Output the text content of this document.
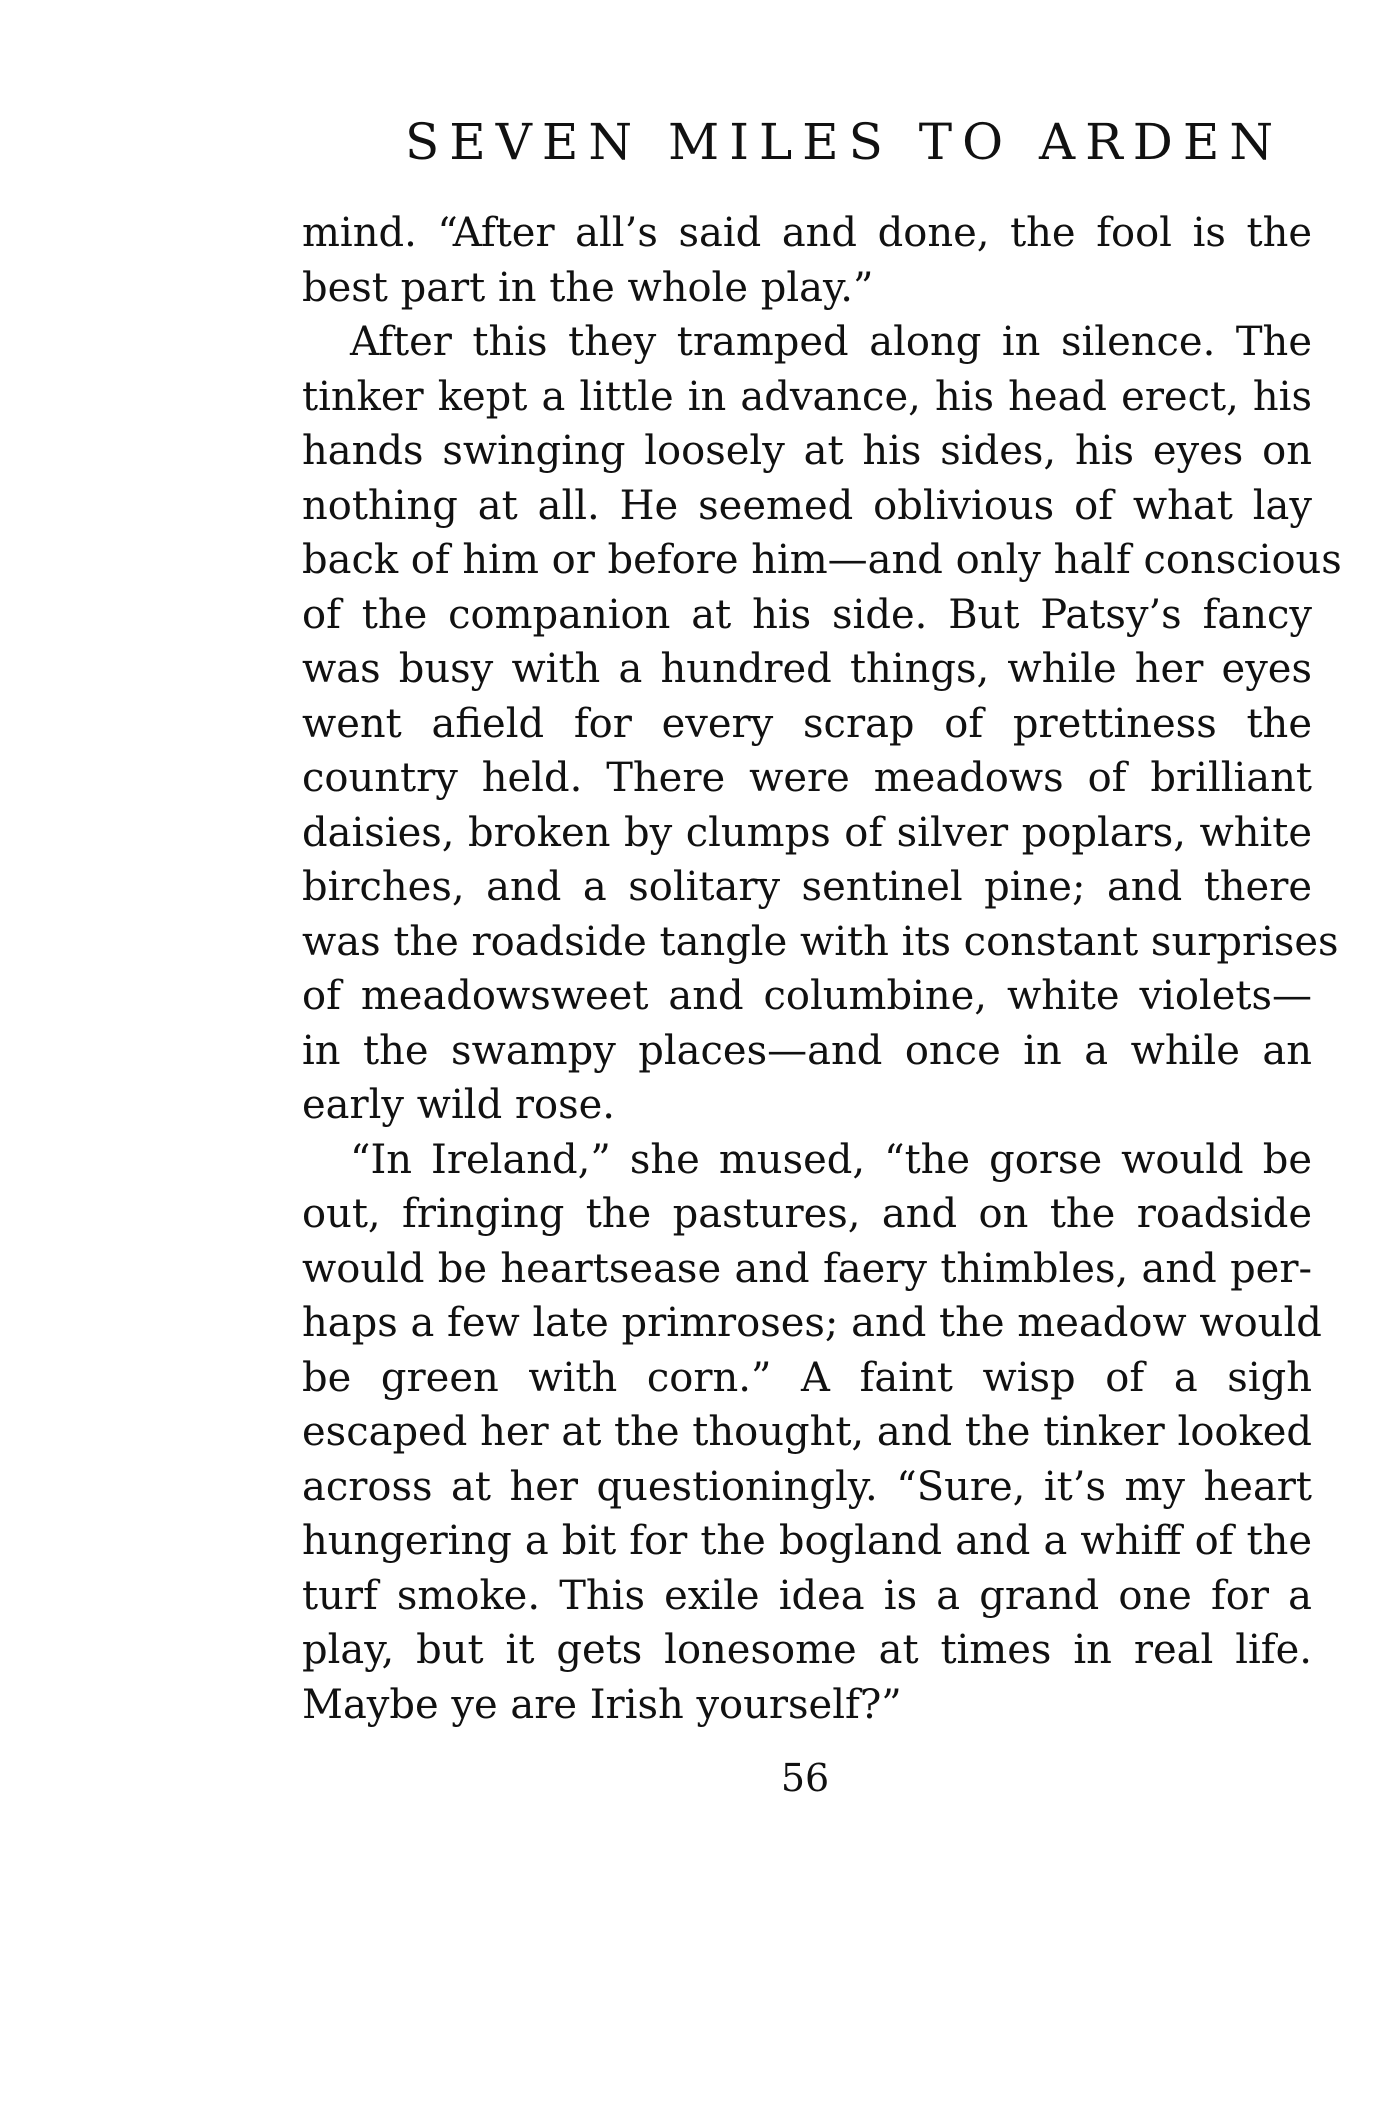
SEVEN MILES TO ARDEN
mind. “After all’s said and done, the fool is the
best part in the whole play.”
After this they tramped along in silence. The
tinker kept a little in advance, his head erect, his
hands swinging loosely at his sides, his eyes on
nothing at all. He seemed oblivious of what lay
back of him or before him—and only half conscious
of the companion at his side. But Patsy’s fancy
was busy with a hundred things, while her eyes
went afield for every scrap of prettiness the
country held. There were meadows of brilliant
daisies, broken by clumps of silver poplars, white
birches, and a solitary sentinel pine; and there
was the roadside tangle with its constant surprises
of meadowsweet and columbine, white violets—
in the swampy places—and once in a while an
early wild rose.
“In Ireland,” she mused, “the gorse would be
out, fringing the pastures, and on the roadside
would be heartsease and faery thimbles, and per-
haps a few late primroses; and the meadow would
be green with corn.” A faint wisp of a sigh
escaped her at the thought, and the tinker looked
across at her questioningly. “Sure, it’s my heart
hungering a bit for the bogland and a whiff of the
turf smoke. This exile idea is a grand one for a
play, but it gets lonesome at times in real life.
Maybe ye are Irish yourself?”
56
